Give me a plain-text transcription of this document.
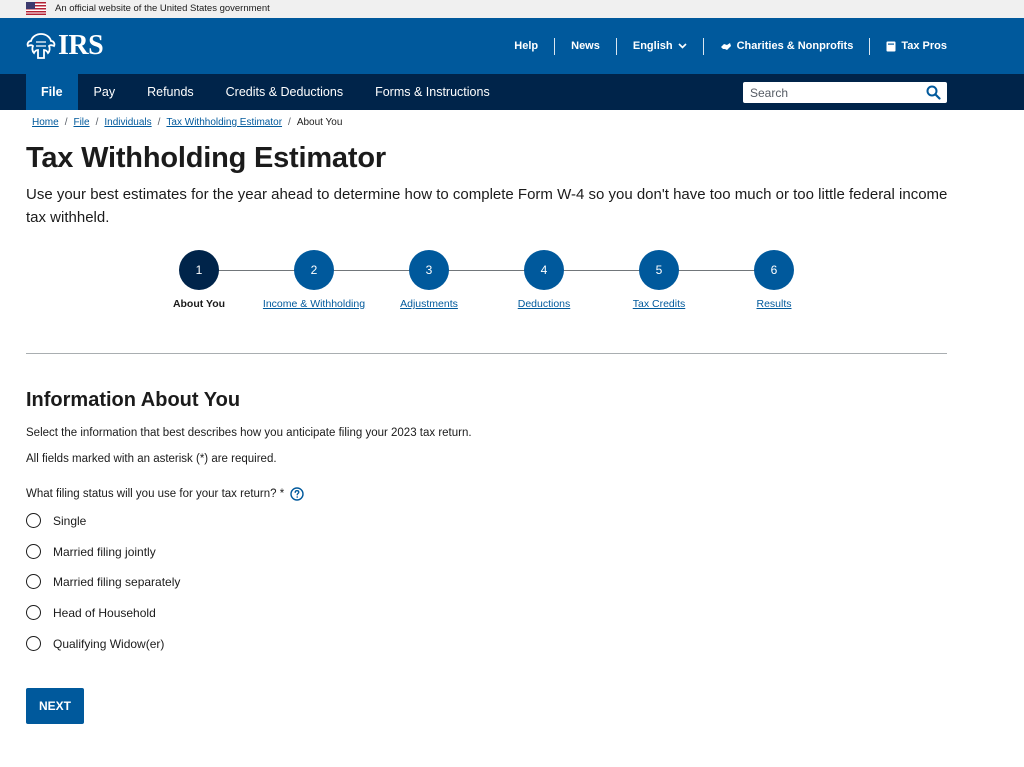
An official website of the United States government
IRS	Help	News	English	Charities & Nonprofits	Tax Pros
File	Pay	Refunds	Credits & Deductions	Forms & Instructions
Search
Home / File / Individuals / Tax Withholding Estimator / About You
Tax Withholding Estimator

Use your best estimates for the year ahead to determine how to complete Form W-4 so you don't have too much or too little federal income tax withheld.

1
About You
2
Income & Withholding
3
Adjustments
4
Deductions
5
Tax Credits
6
Results
Information About You

Select the information that best describes how you anticipate filing your 2023 tax return.

All fields marked with an asterisk (*) are required.

What filing status will you use for your tax return? *
Single
Married filing jointly
Married filing separately
Head of Household
Qualifying Widow(er)
NEXT
